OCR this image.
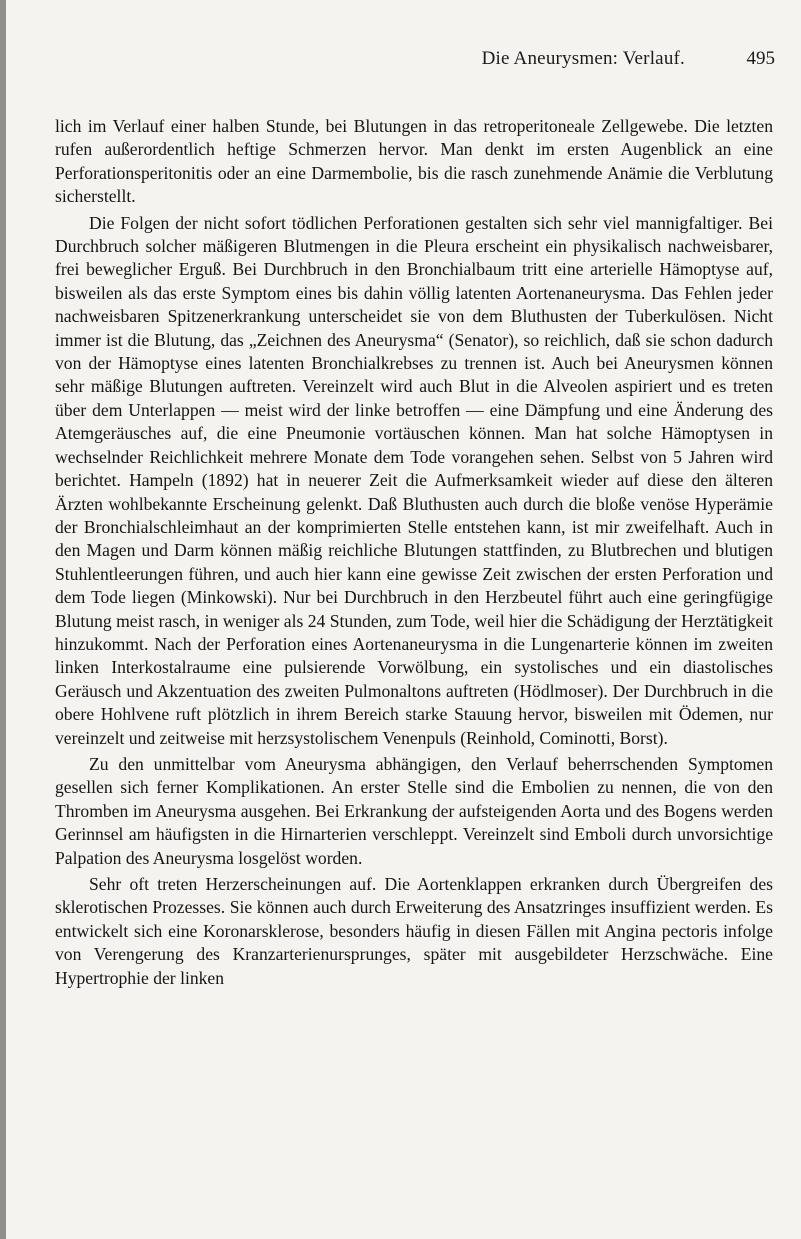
Die Aneurysmen: Verlauf.	495

lich im Verlauf einer halben Stunde, bei Blutungen in das retroperitoneale Zellgewebe. Die letzten rufen außerordentlich heftige Schmerzen hervor. Man denkt im ersten Augenblick an eine Perforationsperitonitis oder an eine Darmembolie, bis die rasch zunehmende Anämie die Verblutung sicherstellt.

Die Folgen der nicht sofort tödlichen Perforationen gestalten sich sehr viel mannigfaltiger. Bei Durchbruch solcher mäßigeren Blutmengen in die Pleura erscheint ein physikalisch nachweisbarer, frei beweglicher Erguß. Bei Durchbruch in den Bronchialbaum tritt eine arterielle Hämoptyse auf, bisweilen als das erste Symptom eines bis dahin völlig latenten Aortenaneurysma. Das Fehlen jeder nachweisbaren Spitzenerkrankung unterscheidet sie von dem Bluthusten der Tuberkulösen. Nicht immer ist die Blutung, das „Zeichnen des Aneurysma“ (Senator), so reichlich, daß sie schon dadurch von der Hämoptyse eines latenten Bronchialkrebses zu trennen ist. Auch bei Aneurysmen können sehr mäßige Blutungen auftreten. Vereinzelt wird auch Blut in die Alveolen aspiriert und es treten über dem Unterlappen — meist wird der linke betroffen — eine Dämpfung und eine Änderung des Atemgeräusches auf, die eine Pneumonie vortäuschen können. Man hat solche Hämoptysen in wechselnder Reichlichkeit mehrere Monate dem Tode vorangehen sehen. Selbst von 5 Jahren wird berichtet. Hampeln (1892) hat in neuerer Zeit die Aufmerksamkeit wieder auf diese den älteren Ärzten wohlbekannte Erscheinung gelenkt. Daß Bluthusten auch durch die bloße venöse Hyperämie der Bronchialschleimhaut an der komprimierten Stelle entstehen kann, ist mir zweifelhaft. Auch in den Magen und Darm können mäßig reichliche Blutungen stattfinden, zu Blutbrechen und blutigen Stuhlentleerungen führen, und auch hier kann eine gewisse Zeit zwischen der ersten Perforation und dem Tode liegen (Minkowski). Nur bei Durchbruch in den Herzbeutel führt auch eine geringfügige Blutung meist rasch, in weniger als 24 Stunden, zum Tode, weil hier die Schädigung der Herztätigkeit hinzukommt. Nach der Perforation eines Aortenaneurysma in die Lungenarterie können im zweiten linken Interkostalraume eine pulsierende Vorwölbung, ein systolisches und ein diastolisches Geräusch und Akzentuation des zweiten Pulmonaltons auftreten (Hödlmoser). Der Durchbruch in die obere Hohlvene ruft plötzlich in ihrem Bereich starke Stauung hervor, bisweilen mit Ödemen, nur vereinzelt und zeitweise mit herzsystolischem Venenpuls (Reinhold, Cominotti, Borst).

Zu den unmittelbar vom Aneurysma abhängigen, den Verlauf beherrschenden Symptomen gesellen sich ferner Komplikationen. An erster Stelle sind die Embolien zu nennen, die von den Thromben im Aneurysma ausgehen. Bei Erkrankung der aufsteigenden Aorta und des Bogens werden Gerinnsel am häufigsten in die Hirnarterien verschleppt. Vereinzelt sind Emboli durch unvorsichtige Palpation des Aneurysma losgelöst worden.

Sehr oft treten Herzerscheinungen auf. Die Aortenklappen erkranken durch Übergreifen des sklerotischen Prozesses. Sie können auch durch Erweiterung des Ansatzringes insuffizient werden. Es entwickelt sich eine Koronarsklerose, besonders häufig in diesen Fällen mit Angina pectoris infolge von Verengerung des Kranzarterienursprunges, später mit ausgebildeter Herzschwäche. Eine Hypertrophie der linken
